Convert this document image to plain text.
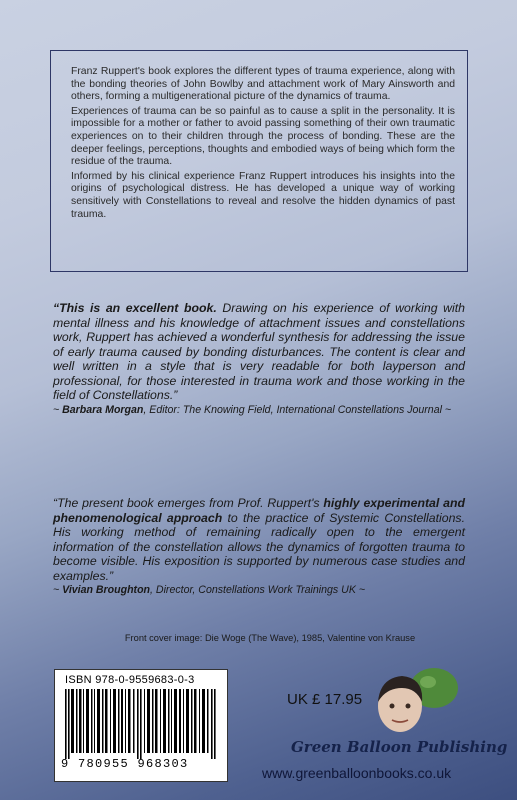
Franz Ruppert's book explores the different types of trauma experience, along with the bonding theories of John Bowlby and attachment work of Mary Ainsworth and others, forming a multigenerational picture of the dynamics of trauma.

Experiences of trauma can be so painful as to cause a split in the personality. It is impossible for a mother or father to avoid passing something of their own traumatic experiences on to their children through the process of bonding. These are the deeper feelings, perceptions, thoughts and embodied ways of being which form the residue of the trauma.

Informed by his clinical experience Franz Ruppert introduces his insights into the origins of psychological distress. He has developed a unique way of working sensitively with Constellations to reveal and resolve the hidden dynamics of past trauma.

“This is an excellent book. Drawing on his experience of working with mental illness and his knowledge of attachment issues and constellations work, Ruppert has achieved a wonderful synthesis for addressing the issue of early trauma caused by bonding disturbances. The content is clear and well written in a style that is very readable for both layperson and professional, for those interested in trauma work and those working in the field of Constellations.”
~ Barbara Morgan, Editor: The Knowing Field, International Constellations Journal ~
“The present book emerges from Prof. Ruppert's highly experimental and phenomenological approach to the practice of Systemic Constellations. His working method of remaining radically open to the emergent information of the constellation allows the dynamics of forgotten trauma to become visible. His exposition is supported by numerous case studies and examples.”
~ Vivian Broughton, Director, Constellations Work Trainings UK ~
Front cover image: Die Woge (The Wave), 1985, Valentine von Krause
ISBN 978-0-9559683-0-3
9 780955 968303
UK £ 17.95
Green Balloon Publishing
www.greenballoonbooks.co.uk
